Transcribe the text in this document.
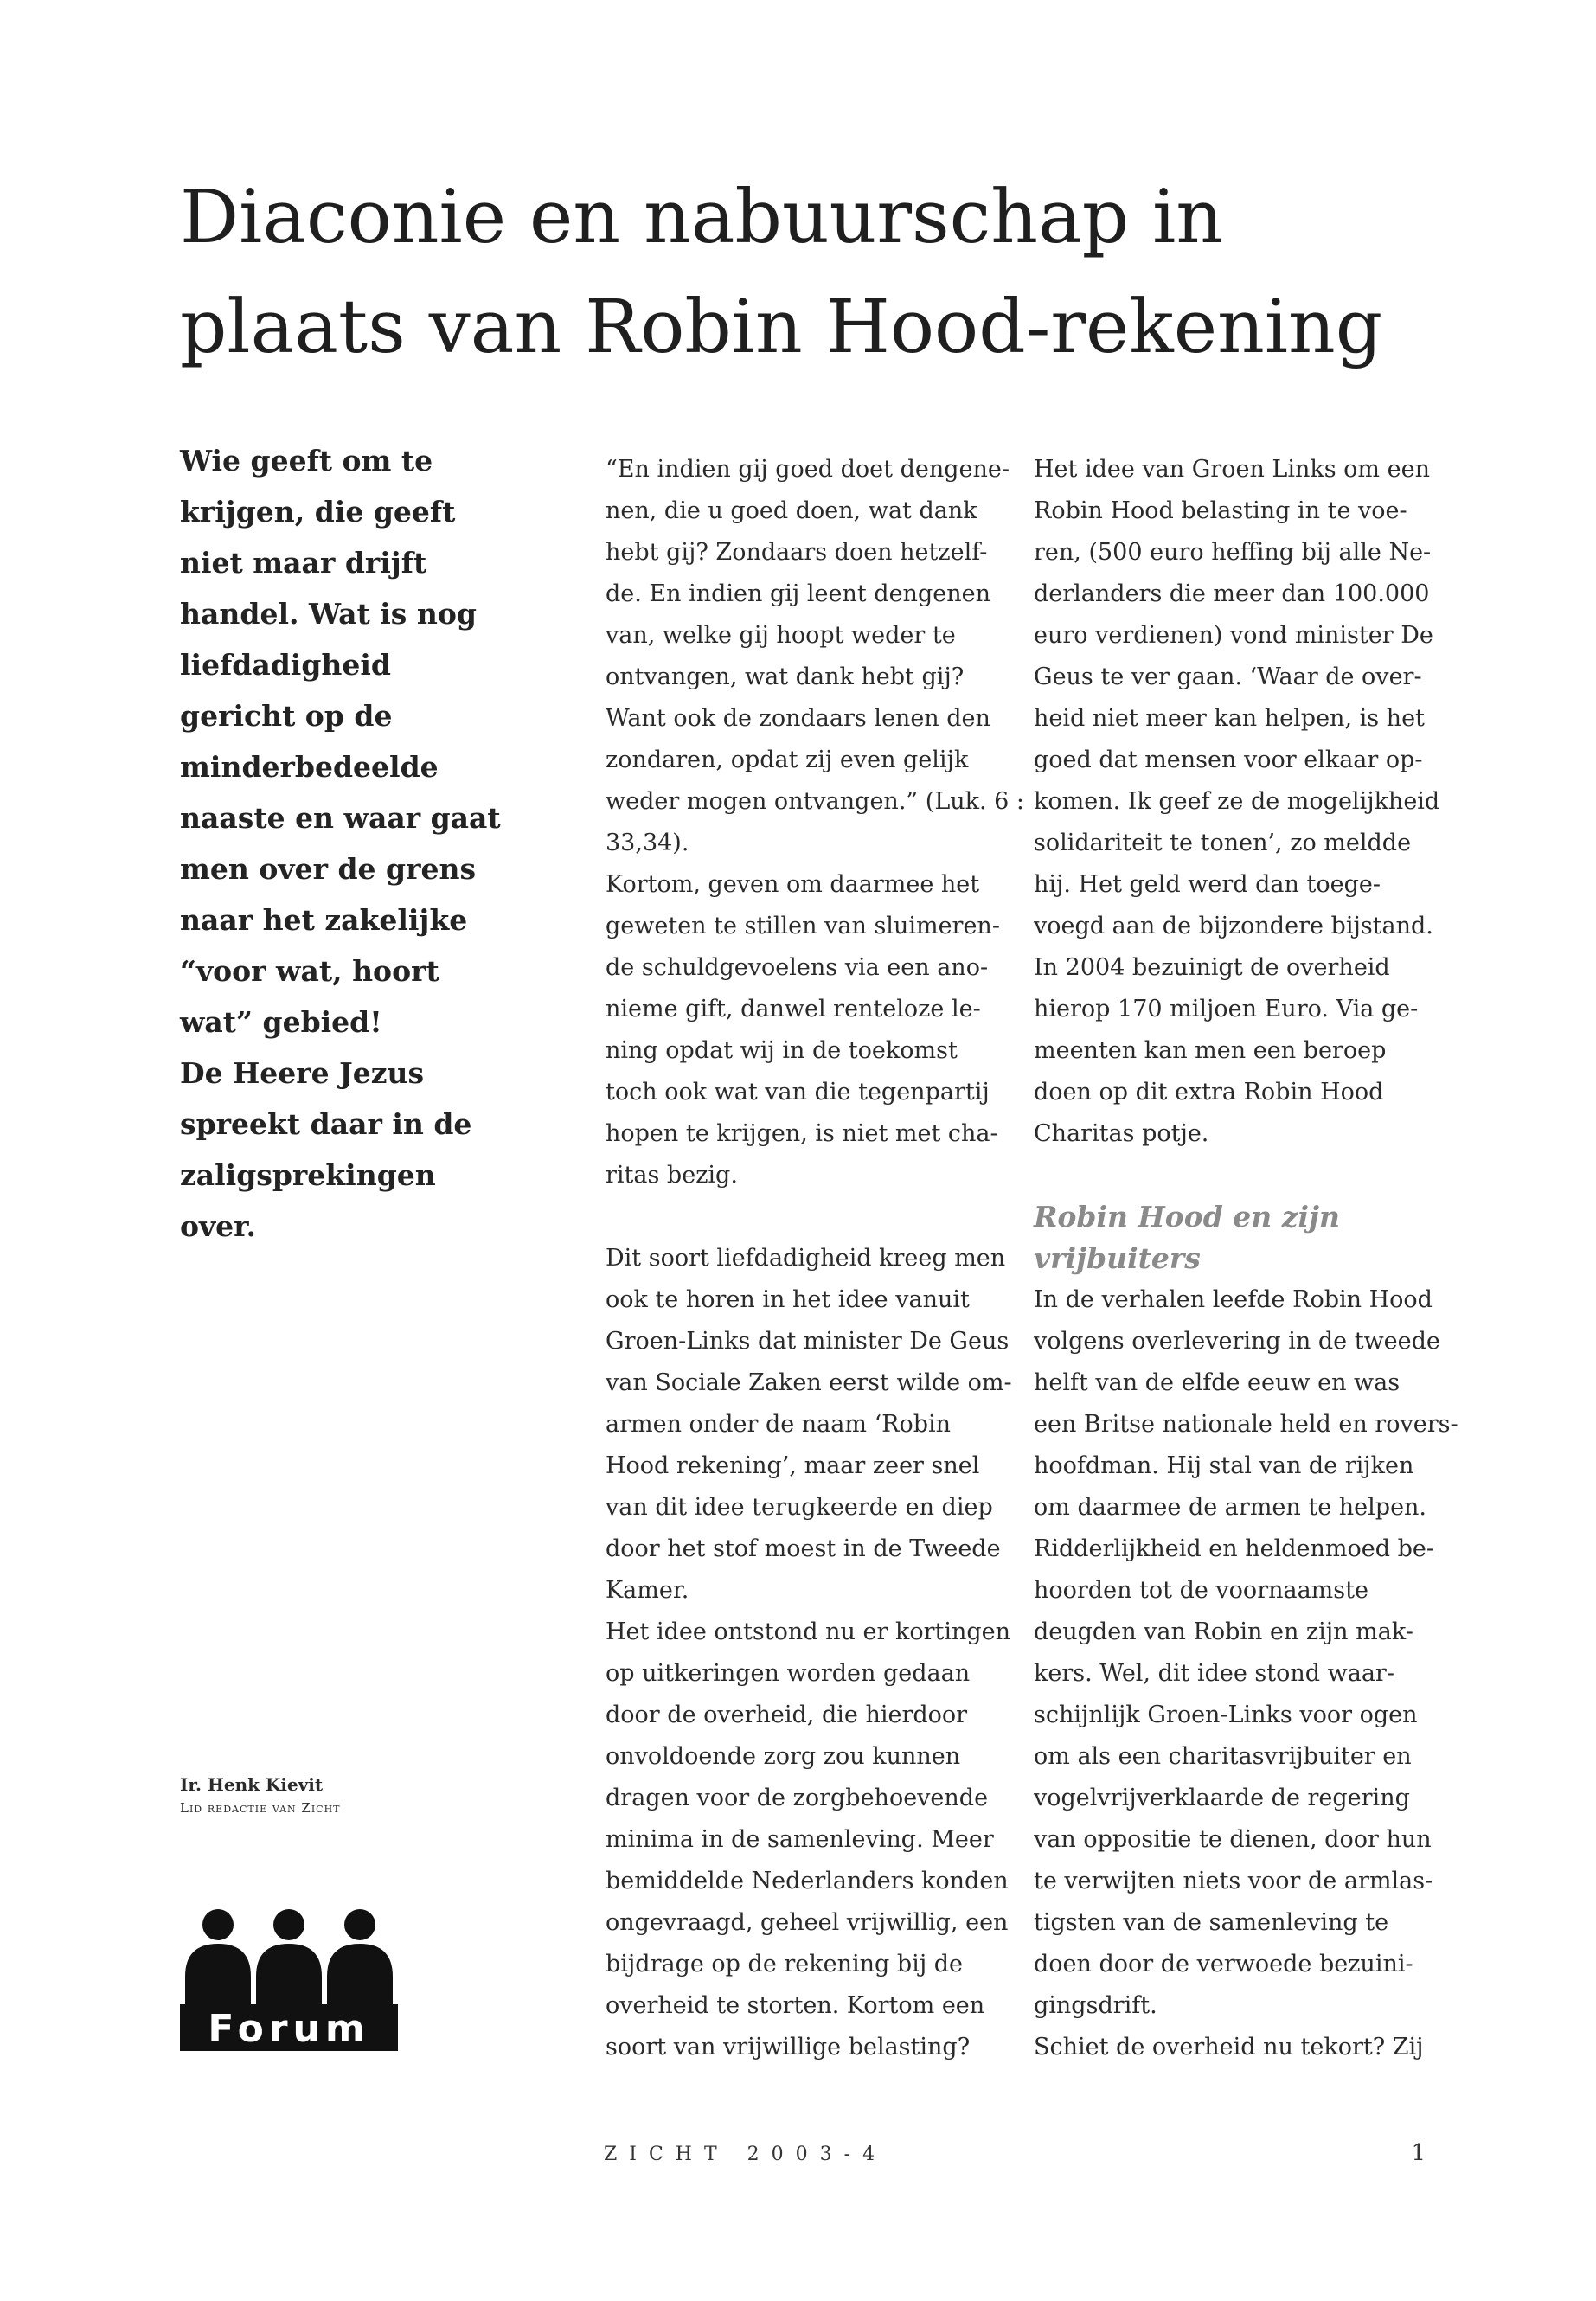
Diaconie en nabuurschap in
plaats van Robin Hood-rekening
Wie geeft om te
krijgen, die geeft
niet maar drijft
handel. Wat is nog
liefdadigheid
gericht op de
minderbedeelde
naaste en waar gaat
men over de grens
naar het zakelijke
“voor wat, hoort
wat” gebied!
De Heere Jezus
spreekt daar in de
zaligsprekingen
over.
Ir. Henk Kievit
Lid redactie van Zicht
Forum

“En indien gij goed doet dengene-
nen, die u goed doen, wat dank
hebt gij? Zondaars doen hetzelf-
de. En indien gij leent dengenen
van, welke gij hoopt weder te
ontvangen, wat dank hebt gij?
Want ook de zondaars lenen den
zondaren, opdat zij even gelijk
weder mogen ontvangen.” (Luk. 6 :
33,34).

Kortom, geven om daarmee het
geweten te stillen van sluimeren-
de schuldgevoelens via een ano-
nieme gift, danwel renteloze le-
ning opdat wij in de toekomst
toch ook wat van die tegenpartij
hopen te krijgen, is niet met cha-
ritas bezig.

Dit soort liefdadigheid kreeg men
ook te horen in het idee vanuit
Groen-Links dat minister De Geus
van Sociale Zaken eerst wilde om-
armen onder de naam ‘Robin
Hood rekening’, maar zeer snel
van dit idee terugkeerde en diep
door het stof moest in de Tweede
Kamer.

Het idee ontstond nu er kortingen
op uitkeringen worden gedaan
door de overheid, die hierdoor
onvoldoende zorg zou kunnen
dragen voor de zorgbehoevende
minima in de samenleving. Meer
bemiddelde Nederlanders konden
ongevraagd, geheel vrijwillig, een
bijdrage op de rekening bij de
overheid te storten. Kortom een
soort van vrijwillige belasting?

Het idee van Groen Links om een
Robin Hood belasting in te voe-
ren, (500 euro heffing bij alle Ne-
derlanders die meer dan 100.000
euro verdienen) vond minister De
Geus te ver gaan. ‘Waar de over-
heid niet meer kan helpen, is het
goed dat mensen voor elkaar op-
komen. Ik geef ze de mogelijkheid
solidariteit te tonen’, zo meldde
hij. Het geld werd dan toege-
voegd aan de bijzondere bijstand.
In 2004 bezuinigt de overheid
hierop 170 miljoen Euro. Via ge-
meenten kan men een beroep
doen op dit extra Robin Hood
Charitas potje.

Robin Hood en zijn
vrijbuiters

In de verhalen leefde Robin Hood
volgens overlevering in de tweede
helft van de elfde eeuw en was
een Britse nationale held en rovers-
hoofdman. Hij stal van de rijken
om daarmee de armen te helpen.
Ridderlijkheid en heldenmoed be-
hoorden tot de voornaamste
deugden van Robin en zijn mak-
kers. Wel, dit idee stond waar-
schijnlijk Groen-Links voor ogen
om als een charitasvrijbuiter en
vogelvrijverklaarde de regering
van oppositie te dienen, door hun
te verwijten niets voor de armlas-
tigsten van de samenleving te
doen door de verwoede bezuini-
gingsdrift.
Schiet de overheid nu tekort? Zij

ZICHT 2003-4	1
